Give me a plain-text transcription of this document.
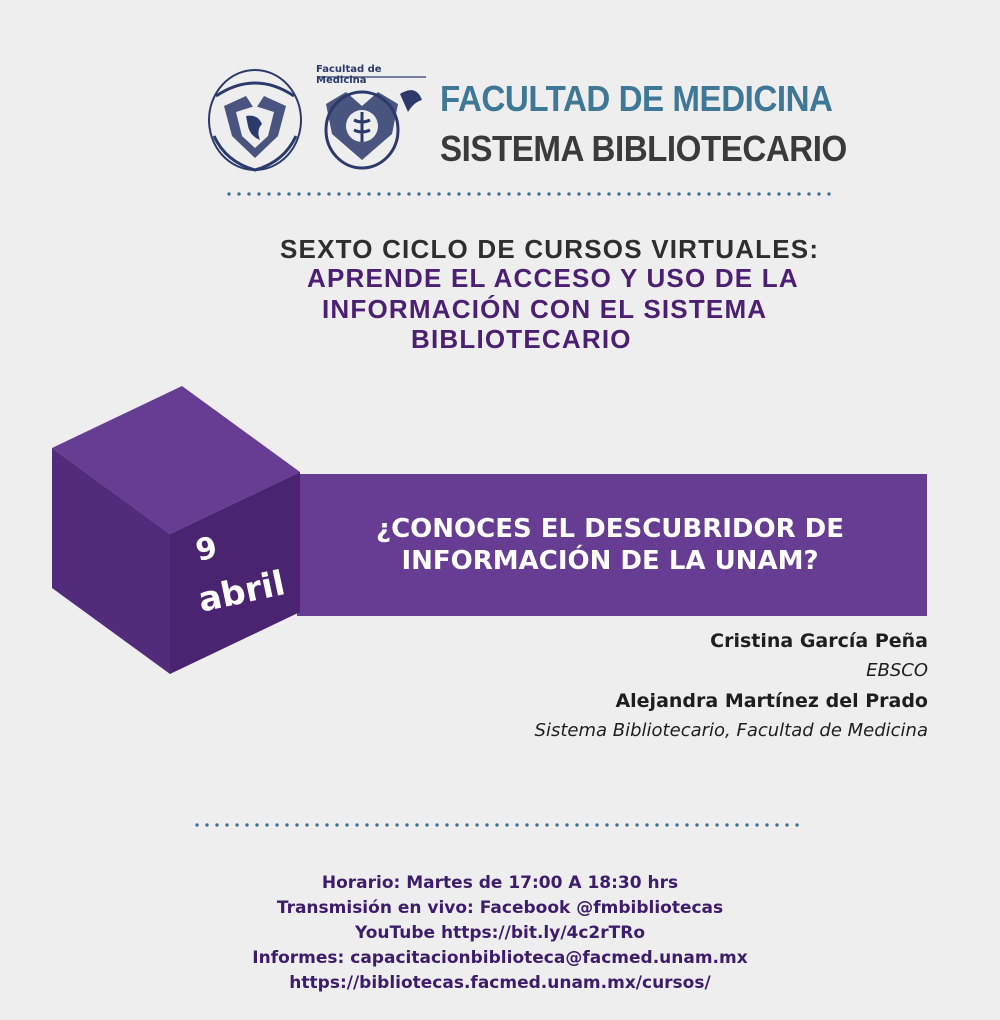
Facultad de Medicina	FACULTAD DE MEDICINA
SISTEMA BIBLIOTECARIO
SEXTO CICLO DE CURSOS VIRTUALES:
APRENDE EL ACCESO Y USO DE LA
INFORMACIÓN CON EL SISTEMA
BIBLIOTECARIO
¿CONOCES EL DESCUBRIDOR DE
INFORMACIÓN DE LA UNAM?
9
abril
Cristina García Peña
EBSCO
Alejandra Martínez del Prado
Sistema Bibliotecario, Facultad de Medicina
Horario: Martes de 17:00 A 18:30 hrs
Transmisión en vivo: Facebook @fmbibliotecas
YouTube https://bit.ly/4c2rTRo
Informes: capacitacionbiblioteca@facmed.unam.mx
https://bibliotecas.facmed.unam.mx/cursos/
